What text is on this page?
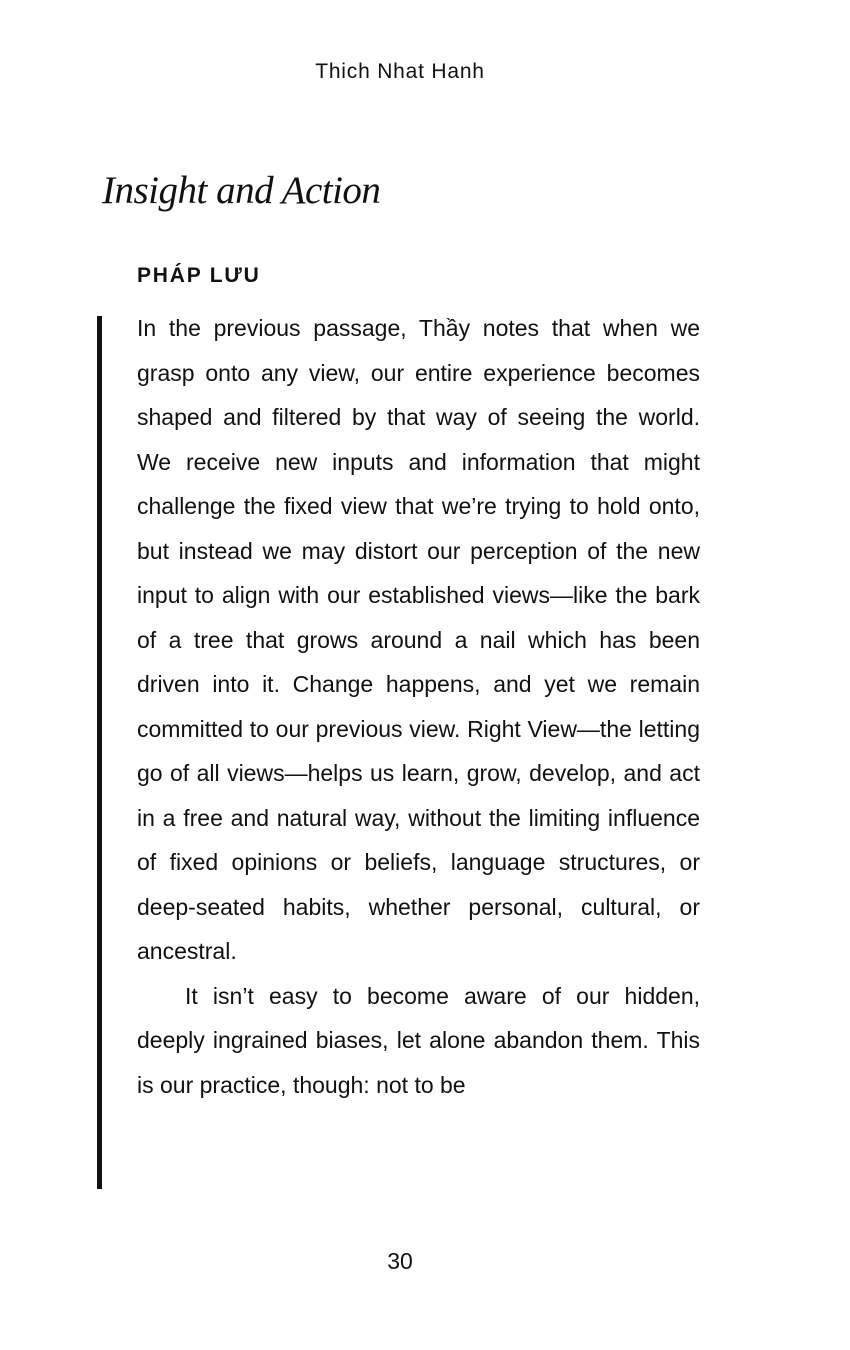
Thich Nhat Hanh
Insight and Action
PHÁP LƯU

In the previous passage, Thầy notes that when we grasp onto any view, our entire experience becomes shaped and filtered by that way of seeing the world. We receive new inputs and information that might challenge the fixed view that we’re trying to hold onto, but instead we may distort our perception of the new input to align with our established views—like the bark of a tree that grows around a nail which has been driven into it. Change happens, and yet we remain committed to our previous view. Right View—the letting go of all views—helps us learn, grow, develop, and act in a free and natural way, without the limiting influence of fixed opinions or beliefs, language structures, or deep-seated habits, whether personal, cultural, or ancestral.

It isn’t easy to become aware of our hidden, deeply ingrained biases, let alone abandon them. This is our practice, though: not to be

30
